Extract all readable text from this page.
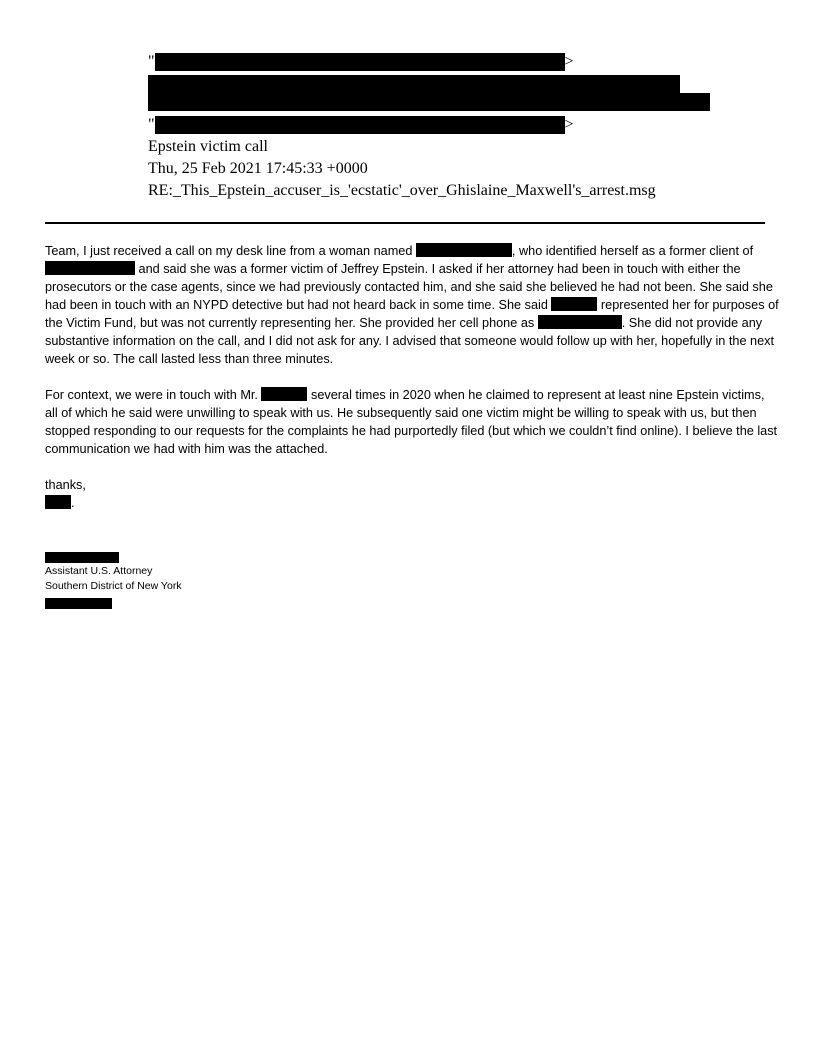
"	>
"	>
Epstein victim call
Thu, 25 Feb 2021 17:45:33 +0000
RE:_This_Epstein_accuser_is_'ecstatic'_over_Ghislaine_Maxwell's_arrest.msg

Team, I just received a call on my desk line from a woman named	, who identified herself as a former client of  and said she was a former victim of Jeffrey Epstein. I asked if her attorney had been in touch with either the prosecutors or the case agents, since we had previously contacted him, and she said she believed he had not been. She said she had been in touch with an NYPD detective but had not heard back in some time. She said	represented her for purposes of the Victim Fund, but was not currently representing her. She provided her cell phone as	. She did not provide any substantive information on the call, and I did not ask for any. I advised that someone would follow up with her, hopefully in the next week or so. The call lasted less than three minutes.

For context, we were in touch with Mr.	several times in 2020 when he claimed to represent at least nine Epstein victims, all of which he said were unwilling to speak with us. He subsequently said one victim might be willing to speak with us, but then stopped responding to our requests for the complaints he had purportedly filed (but which we couldn’t find online). I believe the last communication we had with him was the attached.

thanks,
.

Assistant U.S. Attorney
Southern District of New York
